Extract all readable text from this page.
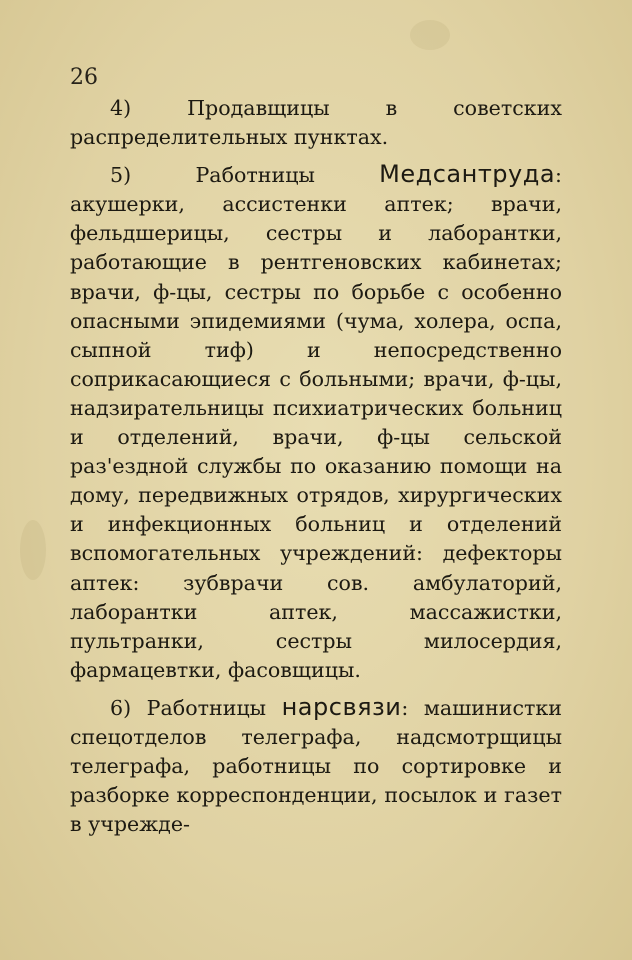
26

4) Продавщицы в советских распределительных пунктах.

5) Работницы Медсантруда: акушерки, ассистенки аптек; врачи, фельдшерицы, сестры и лаборантки, работающие в рентгеновских кабинетах; врачи, ф-цы, сестры по борьбе с особенно опасными эпидемиями (чума, холера, оспа, сыпной тиф) и непосредственно соприкасающиеся с больными; врачи, ф-цы, надзирательницы психиатрических больниц и отделений, врачи, ф-цы сельской раз'ездной службы по оказанию помощи на дому, передвижных отрядов, хирургических и инфекционных больниц и отделений вспомогательных учреждений: дефекторы аптек: зубврачи сов. амбулаторий, лаборантки аптек, массажистки, пультранки, сестры милосердия, фармацевтки, фасовщицы.

6) Работницы нарсвязи: машинистки спецотделов телеграфа, надсмотрщицы телеграфа, работницы по сортировке и разборке корреспонденции, посылок и газет в учрежде-
